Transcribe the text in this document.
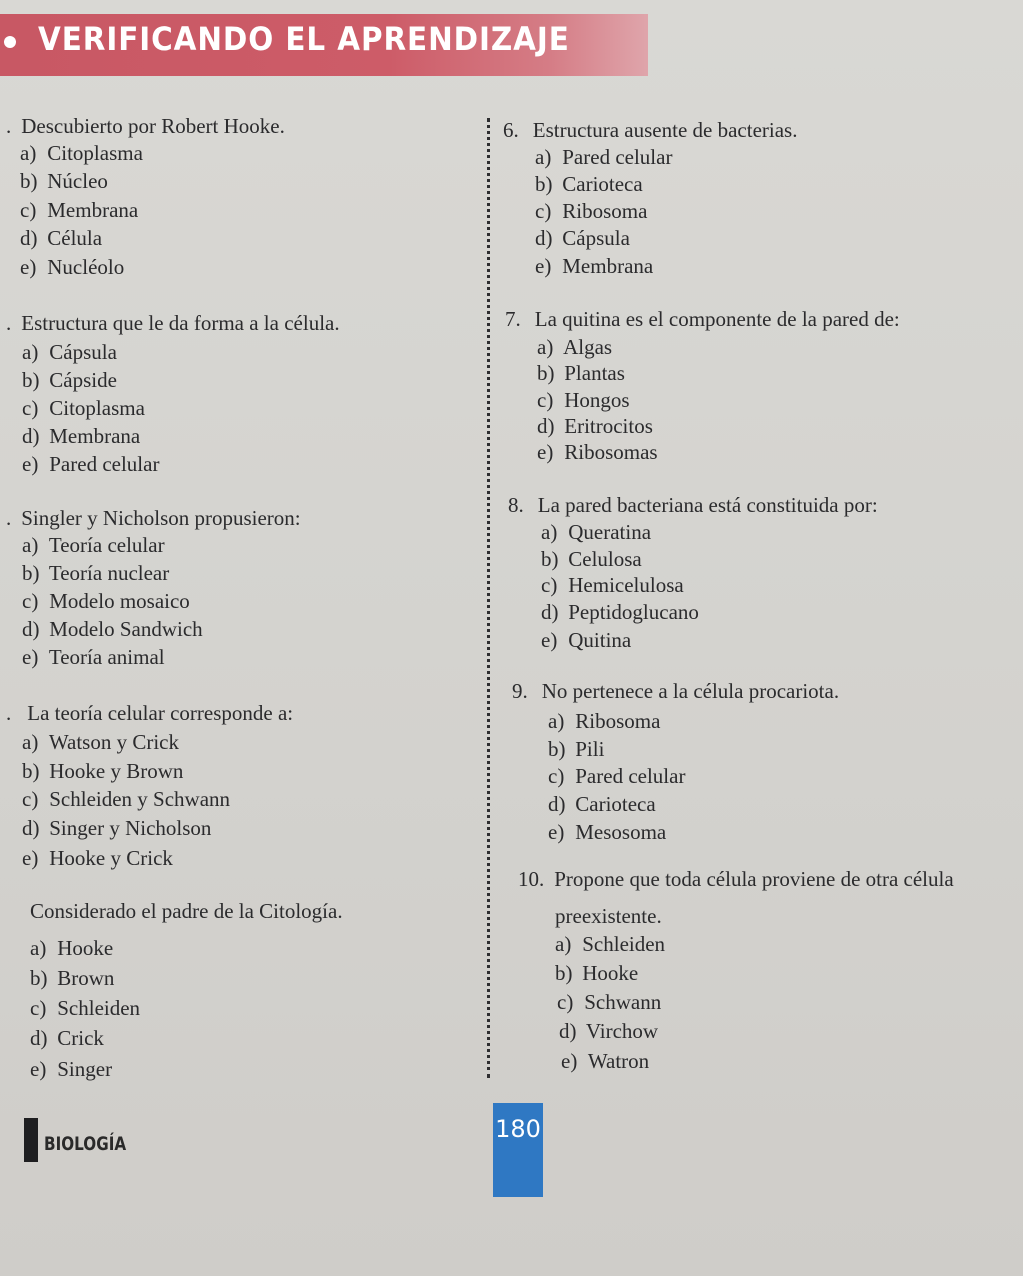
VERIFICANDO EL APRENDIZAJE
. Descubierto por Robert Hooke.
a) Citoplasma
b) Núcleo
c) Membrana
d) Célula
e) Nucléolo
. Estructura que le da forma a la célula.
a) Cápsula
b) Cápside
c) Citoplasma
d) Membrana
e) Pared celular
. Singler y Nicholson propusieron:
a) Teoría celular
b) Teoría nuclear
c) Modelo mosaico
d) Modelo Sandwich
e) Teoría animal
. La teoría celular corresponde a:
a) Watson y Crick
b) Hooke y Brown
c) Schleiden y Schwann
d) Singer y Nicholson
e) Hooke y Crick
Considerado el padre de la Citología.
a) Hooke
b) Brown
c) Schleiden
d) Crick
e) Singer
6. Estructura ausente de bacterias.
a) Pared celular
b) Carioteca
c) Ribosoma
d) Cápsula
e) Membrana
7. La quitina es el componente de la pared de:
a) Algas
b) Plantas
c) Hongos
d) Eritrocitos
e) Ribosomas
8. La pared bacteriana está constituida por:
a) Queratina
b) Celulosa
c) Hemicelulosa
d) Peptidoglucano
e) Quitina
9. No pertenece a la célula procariota.
a) Ribosoma
b) Pili
c) Pared celular
d) Carioteca
e) Mesosoma
10. Propone que toda célula proviene de otra célula
preexistente.
a) Schleiden
b) Hooke
c) Schwann
d) Virchow
e) Watron
BIOLOGÍA
180
